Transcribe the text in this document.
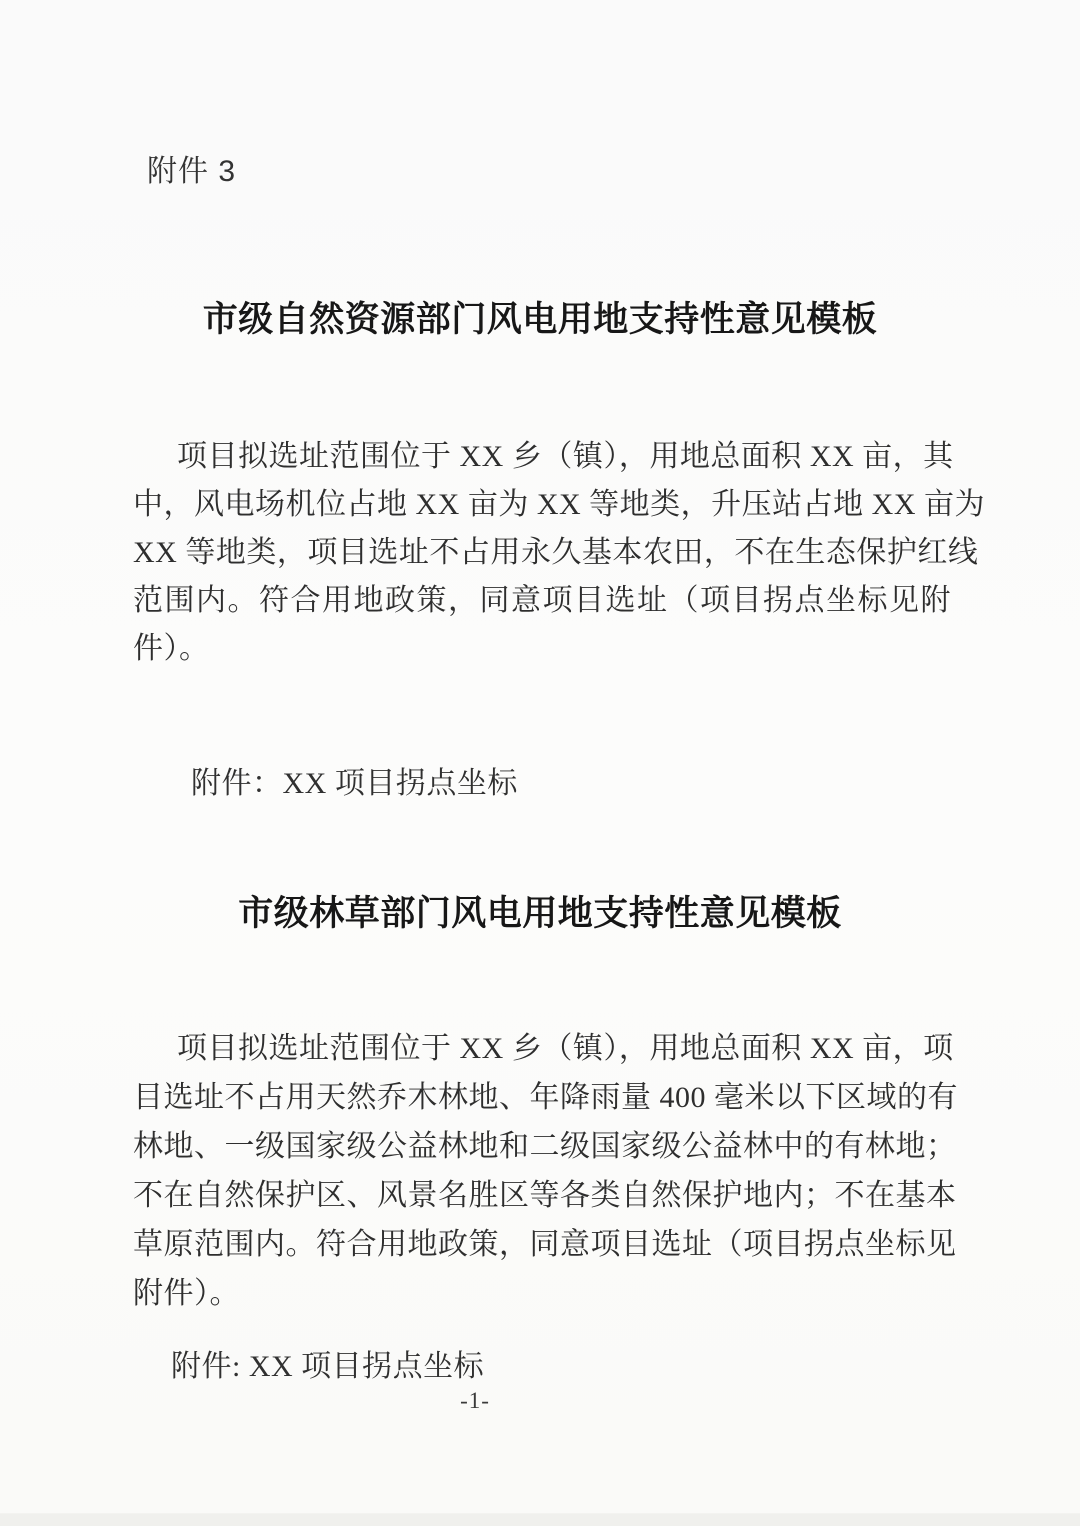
附件 3
市级自然资源部门风电用地支持性意见模板
项目拟选址范围位于 XX 乡（镇），用地总面积 XX 亩，其
中，风电场机位占地 XX 亩为 XX 等地类，升压站占地 XX 亩为
XX 等地类，项目选址不占用永久基本农田，不在生态保护红线
范围内。符合用地政策，同意项目选址（项目拐点坐标见附
件）。
附件：XX 项目拐点坐标
市级林草部门风电用地支持性意见模板
项目拟选址范围位于 XX 乡（镇），用地总面积 XX 亩，项
目选址不占用天然乔木林地、年降雨量 400 毫米以下区域的有
林地、一级国家级公益林地和二级国家级公益林中的有林地；
不在自然保护区、风景名胜区等各类自然保护地内；不在基本
草原范围内。符合用地政策，同意项目选址（项目拐点坐标见
附件）。
附件: XX 项目拐点坐标
-1-
